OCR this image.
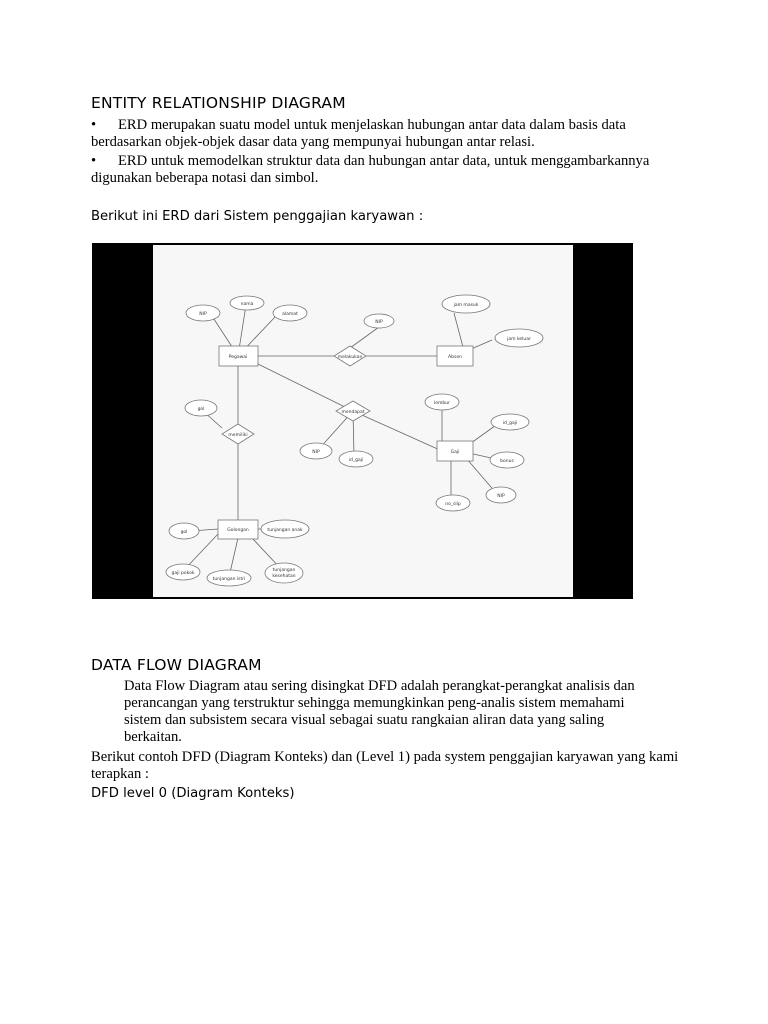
ENTITY RELATIONSHIP DIAGRAM
• ERD merupakan suatu model untuk menjelaskan hubungan antar data dalam basis data
berdasarkan objek-objek dasar data yang mempunyai hubungan antar relasi.
• ERD untuk memodelkan struktur data dan hubungan antar data, untuk menggambarkannya
digunakan beberapa notasi dan simbol.
Berikut ini ERD dari Sistem penggajian karyawan :
Pegawai	Absen
Gaji
Golongan
melakukan
mendapat
memiliki
NIP
nama
alamat
NIP
jam masuk
jam keluar
gol
NIP
id_gaji
lembur
id_gaji
bonus
NIP
no_slip
gol	tunjangan anak
gaji pokok
tunjangan istri
tunjangan
kesehatan
DATA FLOW DIAGRAM
Data Flow Diagram atau sering disingkat DFD adalah perangkat-perangkat analisis dan
perancangan yang terstruktur sehingga memungkinkan peng-analis sistem memahami
sistem dan subsistem secara visual sebagai suatu rangkaian aliran data yang saling
berkaitan.
Berikut contoh DFD (Diagram Konteks) dan (Level 1) pada system penggajian karyawan yang kami
terapkan :
DFD level 0 (Diagram Konteks)
